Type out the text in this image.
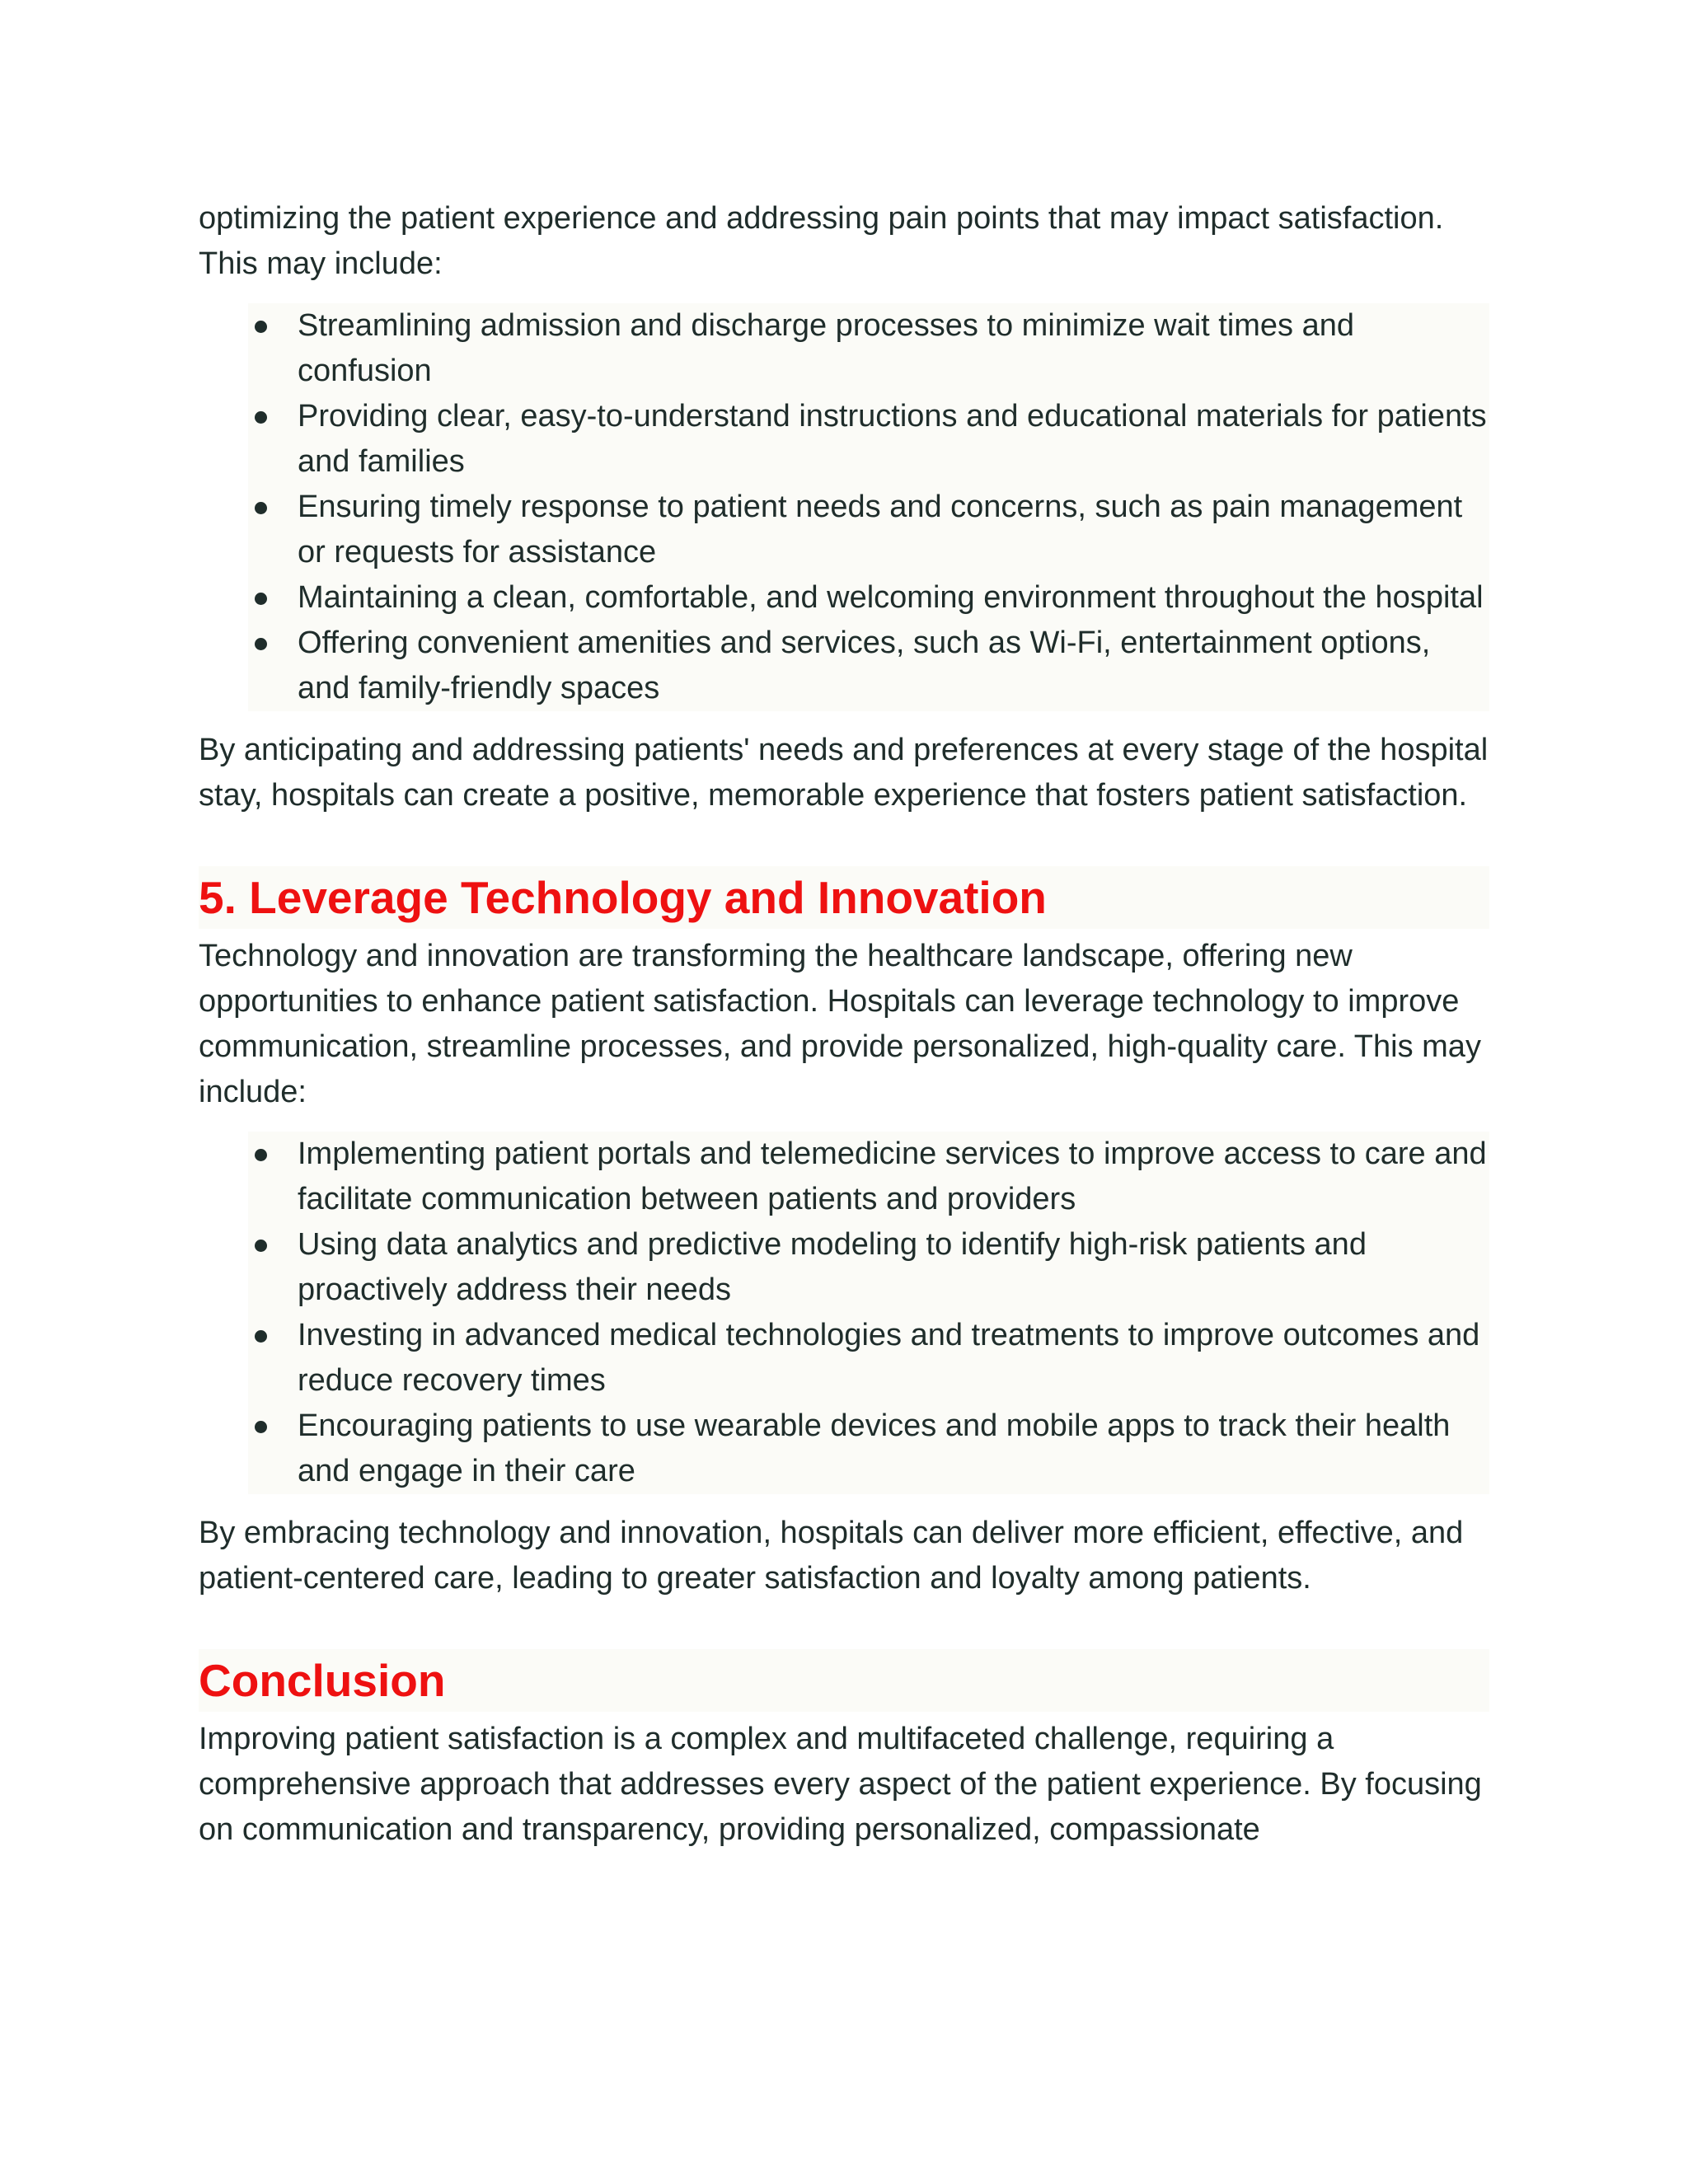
optimizing the patient experience and addressing pain points that may impact satisfaction. This may include:

Streamlining admission and discharge processes to minimize wait times and confusion
Providing clear, easy-to-understand instructions and educational materials for patients and families
Ensuring timely response to patient needs and concerns, such as pain management or requests for assistance
Maintaining a clean, comfortable, and welcoming environment throughout the hospital
Offering convenient amenities and services, such as Wi-Fi, entertainment options, and family-friendly spaces

By anticipating and addressing patients' needs and preferences at every stage of the hospital stay, hospitals can create a positive, memorable experience that fosters patient satisfaction.

5. Leverage Technology and Innovation

Technology and innovation are transforming the healthcare landscape, offering new opportunities to enhance patient satisfaction. Hospitals can leverage technology to improve communication, streamline processes, and provide personalized, high-quality care. This may include:

Implementing patient portals and telemedicine services to improve access to care and facilitate communication between patients and providers
Using data analytics and predictive modeling to identify high-risk patients and proactively address their needs
Investing in advanced medical technologies and treatments to improve outcomes and reduce recovery times
Encouraging patients to use wearable devices and mobile apps to track their health and engage in their care

By embracing technology and innovation, hospitals can deliver more efficient, effective, and patient-centered care, leading to greater satisfaction and loyalty among patients.

Conclusion

Improving patient satisfaction is a complex and multifaceted challenge, requiring a comprehensive approach that addresses every aspect of the patient experience. By focusing on communication and transparency, providing personalized, compassionate
